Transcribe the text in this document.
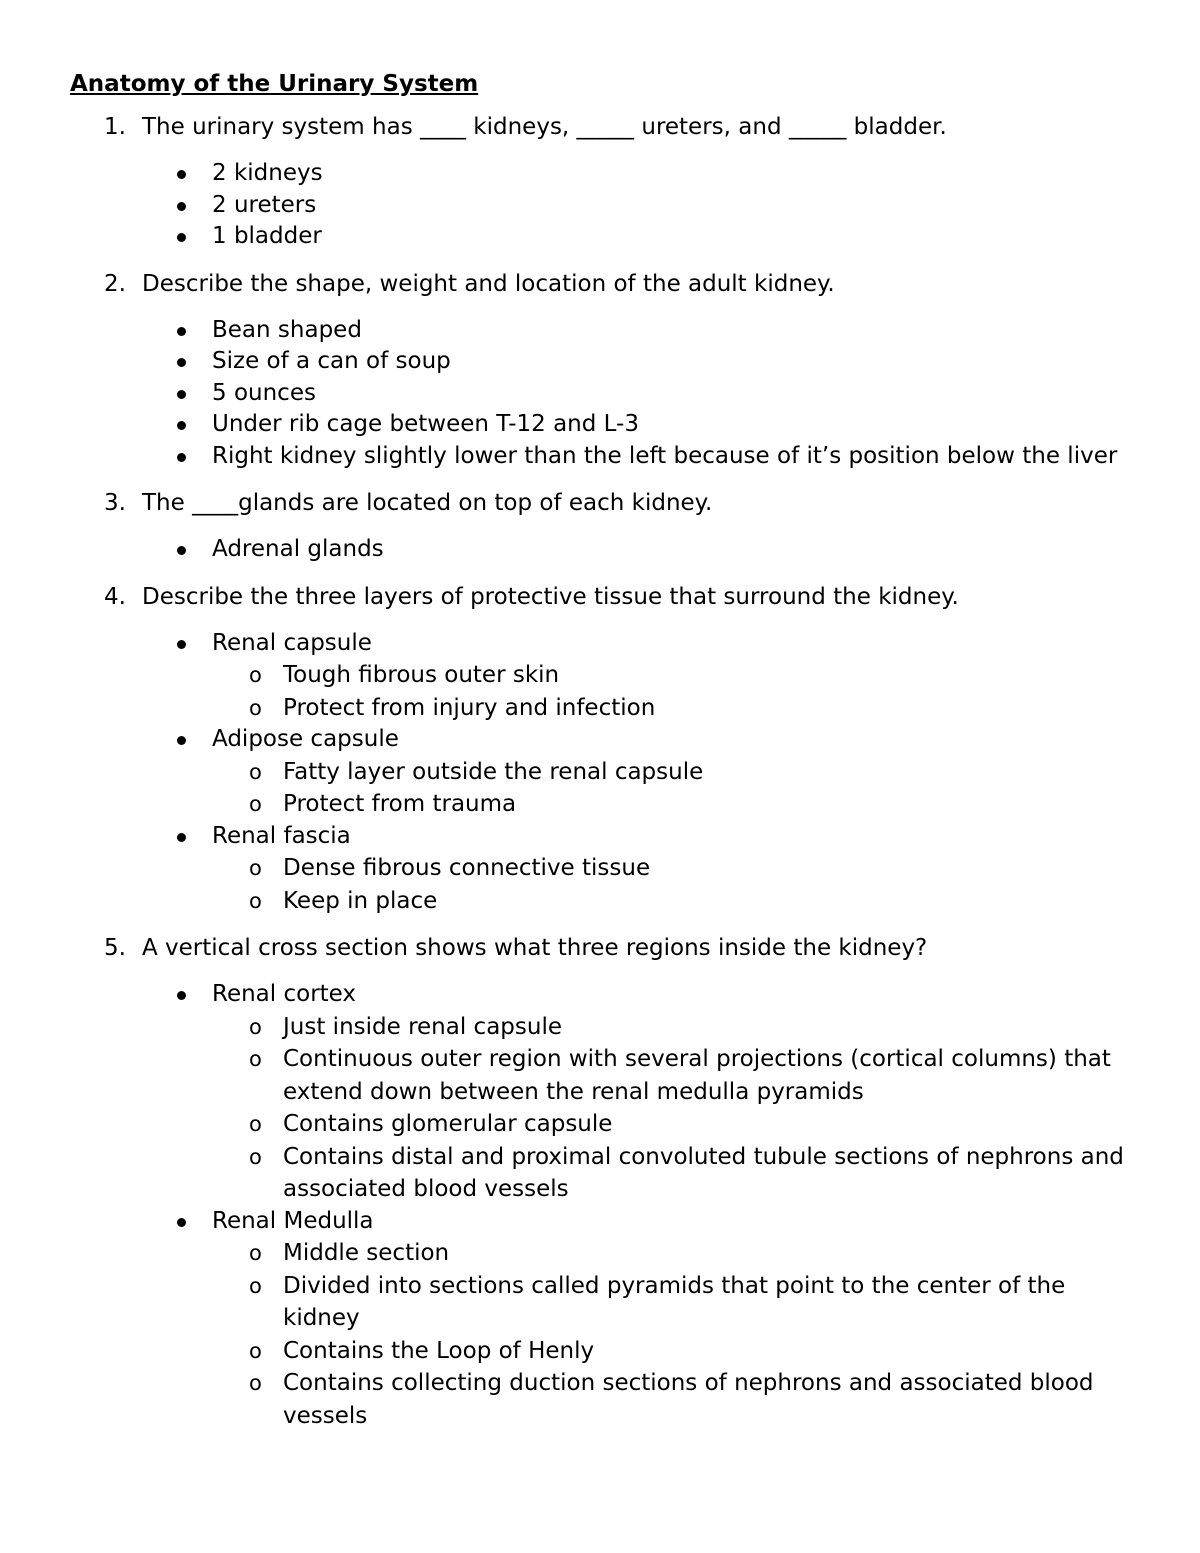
Anatomy of the Urinary System
1. The urinary system has ____ kidneys, _____ ureters, and _____ bladder.
2 kidneys
2 ureters
1 bladder
2. Describe the shape, weight and location of the adult kidney.
Bean shaped
Size of a can of soup
5 ounces
Under rib cage between T-12 and L-3
Right kidney slightly lower than the left because of it’s position below the liver
3. The ____glands are located on top of each kidney.
Adrenal glands
4. Describe the three layers of protective tissue that surround the kidney.
Renal capsule
o Tough fibrous outer skin
o Protect from injury and infection
Adipose capsule
o Fatty layer outside the renal capsule
o Protect from trauma
Renal fascia
o Dense fibrous connective tissue
o Keep in place
5. A vertical cross section shows what three regions inside the kidney?
Renal cortex
o Just inside renal capsule
o Continuous outer region with several projections (cortical columns) that extend down between the renal medulla pyramids
o Contains glomerular capsule
o Contains distal and proximal convoluted tubule sections of nephrons and associated blood vessels
Renal Medulla
o Middle section
o Divided into sections called pyramids that point to the center of the kidney
o Contains the Loop of Henly
o Contains collecting duction sections of nephrons and associated blood vessels
